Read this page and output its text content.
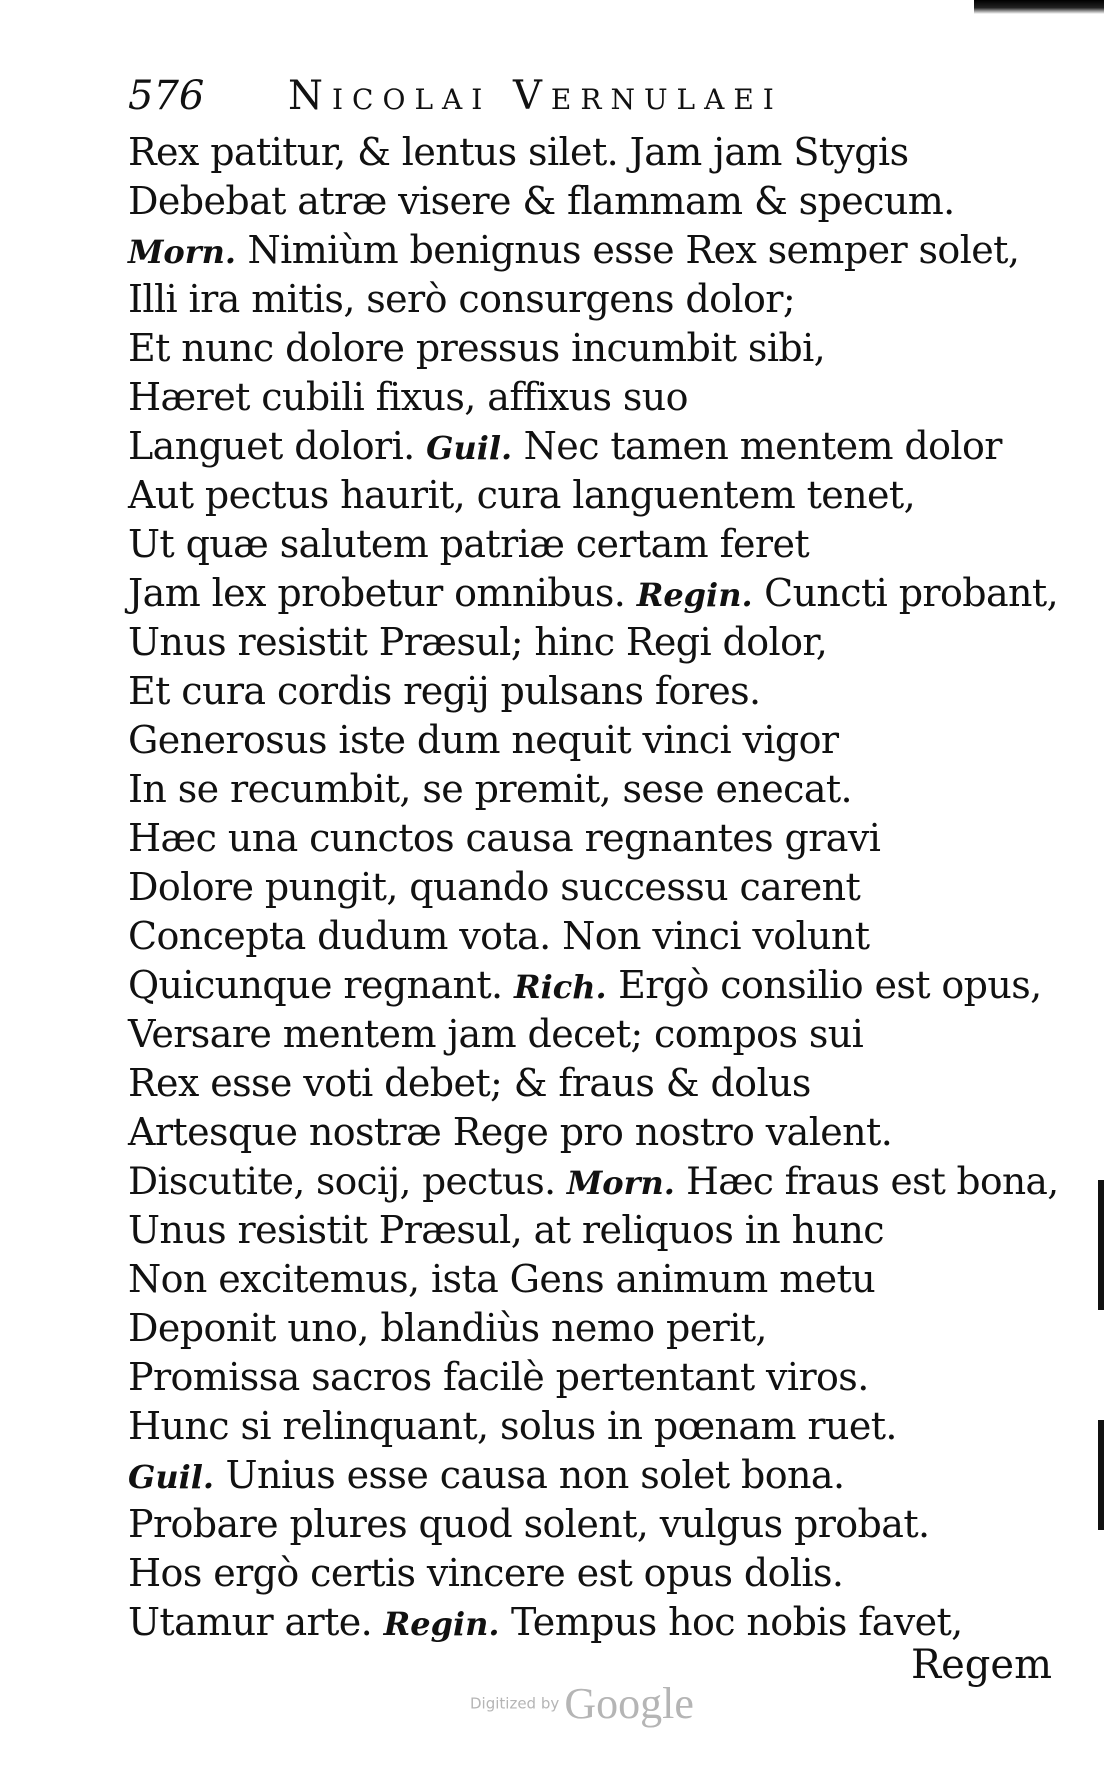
576 Nicolai Vernulaei
Rex patitur, & lentus silet. Jam jam Stygis
Debebat atræ visere & flammam & specum.
Morn. Nimiùm benignus esse Rex semper solet,
Illi ira mitis, serò consurgens dolor;
Et nunc dolore pressus incumbit sibi,
Hæret cubili fixus, affixus suo
Languet dolori. Guil. Nec tamen mentem dolor
Aut pectus haurit, cura languentem tenet,
Ut quæ salutem patriæ certam feret
Jam lex probetur omnibus. Regin. Cuncti probant,
Unus resistit Præsul; hinc Regi dolor,
Et cura cordis regij pulsans fores.
Generosus iste dum nequit vinci vigor
In se recumbit, se premit, sese enecat.
Hæc una cunctos causa regnantes gravi
Dolore pungit, quando successu carent
Concepta dudum vota. Non vinci volunt
Quicunque regnant. Rich. Ergò consilio est opus,
Versare mentem jam decet; compos sui
Rex esse voti debet; & fraus & dolus
Artesque nostræ Rege pro nostro valent.
Discutite, socij, pectus. Morn. Hæc fraus est bona,
Unus resistit Præsul, at reliquos in hunc
Non excitemus, ista Gens animum metu
Deponit uno, blandiùs nemo perit,
Promissa sacros facilè pertentant viros.
Hunc si relinquant, solus in pœnam ruet.
Guil. Unius esse causa non solet bona.
Probare plures quod solent, vulgus probat.
Hos ergò certis vincere est opus dolis.
Utamur arte. Regin. Tempus hoc nobis favet,
Regem
Digitized by Google
